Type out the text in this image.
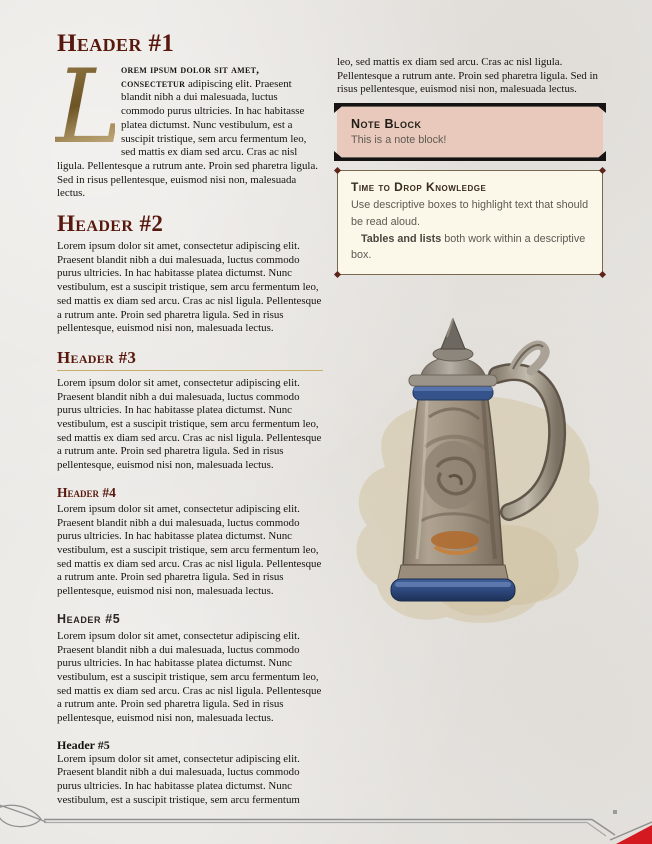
Header #1

L
orem ipsum dolor sit amet, consectetur adipiscing elit. Praesent blandit nibh a dui malesuada, luctus commodo purus ultricies. In hac habitasse platea dictumst. Nunc vestibulum, est a suscipit tristique, sem arcu fermentum leo, sed mattis ex diam sed arcu. Cras ac nisl ligula. Pellentesque a rutrum ante. Proin sed pharetra ligula. Sed in risus pellentesque, euismod nisi non, malesuada lectus.

Header #2

Lorem ipsum dolor sit amet, consectetur adipiscing elit. Praesent blandit nibh a dui malesuada, luctus commodo purus ultricies. In hac habitasse platea dictumst. Nunc vestibulum, est a suscipit tristique, sem arcu fermentum leo, sed mattis ex diam sed arcu. Cras ac nisl ligula. Pellentesque a rutrum ante. Proin sed pharetra ligula. Sed in risus pellentesque, euismod nisi non, malesuada lectus.

Header #3

Lorem ipsum dolor sit amet, consectetur adipiscing elit. Praesent blandit nibh a dui malesuada, luctus commodo purus ultricies. In hac habitasse platea dictumst. Nunc vestibulum, est a suscipit tristique, sem arcu fermentum leo, sed mattis ex diam sed arcu. Cras ac nisl ligula. Pellentesque a rutrum ante. Proin sed pharetra ligula. Sed in risus pellentesque, euismod nisi non, malesuada lectus.

Header #4

Lorem ipsum dolor sit amet, consectetur adipiscing elit. Praesent blandit nibh a dui malesuada, luctus commodo purus ultricies. In hac habitasse platea dictumst. Nunc vestibulum, est a suscipit tristique, sem arcu fermentum leo, sed mattis ex diam sed arcu. Cras ac nisl ligula. Pellentesque a rutrum ante. Proin sed pharetra ligula. Sed in risus pellentesque, euismod nisi non, malesuada lectus.

Header #5

Lorem ipsum dolor sit amet, consectetur adipiscing elit. Praesent blandit nibh a dui malesuada, luctus commodo purus ultricies. In hac habitasse platea dictumst. Nunc vestibulum, est a suscipit tristique, sem arcu fermentum leo, sed mattis ex diam sed arcu. Cras ac nisl ligula. Pellentesque a rutrum ante. Proin sed pharetra ligula. Sed in risus pellentesque, euismod nisi non, malesuada lectus.

Header #5

Lorem ipsum dolor sit amet, consectetur adipiscing elit. Praesent blandit nibh a dui malesuada, luctus commodo purus ultricies. In hac habitasse platea dictumst. Nunc vestibulum, est a suscipit tristique, sem arcu fermentum

leo, sed mattis ex diam sed arcu. Cras ac nisl ligula. Pellentesque a rutrum ante. Proin sed pharetra ligula. Sed in risus pellentesque, euismod nisi non, malesuada lectus.

Note Block
This is a note block!
Time to Drop Knowledge

Use descriptive boxes to highlight text that should be read aloud.

Tables and lists both work within a descriptive box.
